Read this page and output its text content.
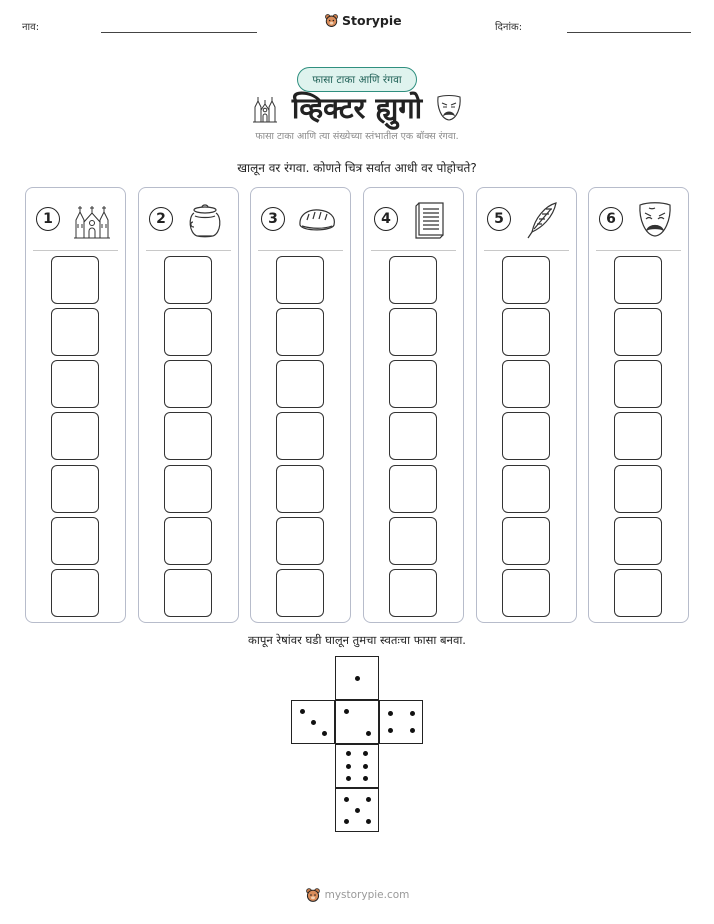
नाव:	Storypie	दिनांक:
फासा टाका आणि रंगवा
व्हिक्टर ह्युगो
फासा टाका आणि त्या संख्येच्या स्तंभातील एक बॉक्स रंगवा.
खालून वर रंगवा. कोणते चित्र सर्वात आधी वर पोहोचते?
1	2	3	4	5	6
कापून रेषांवर घडी घालून तुमचा स्वतःचा फासा बनवा.
mystorypie.com
